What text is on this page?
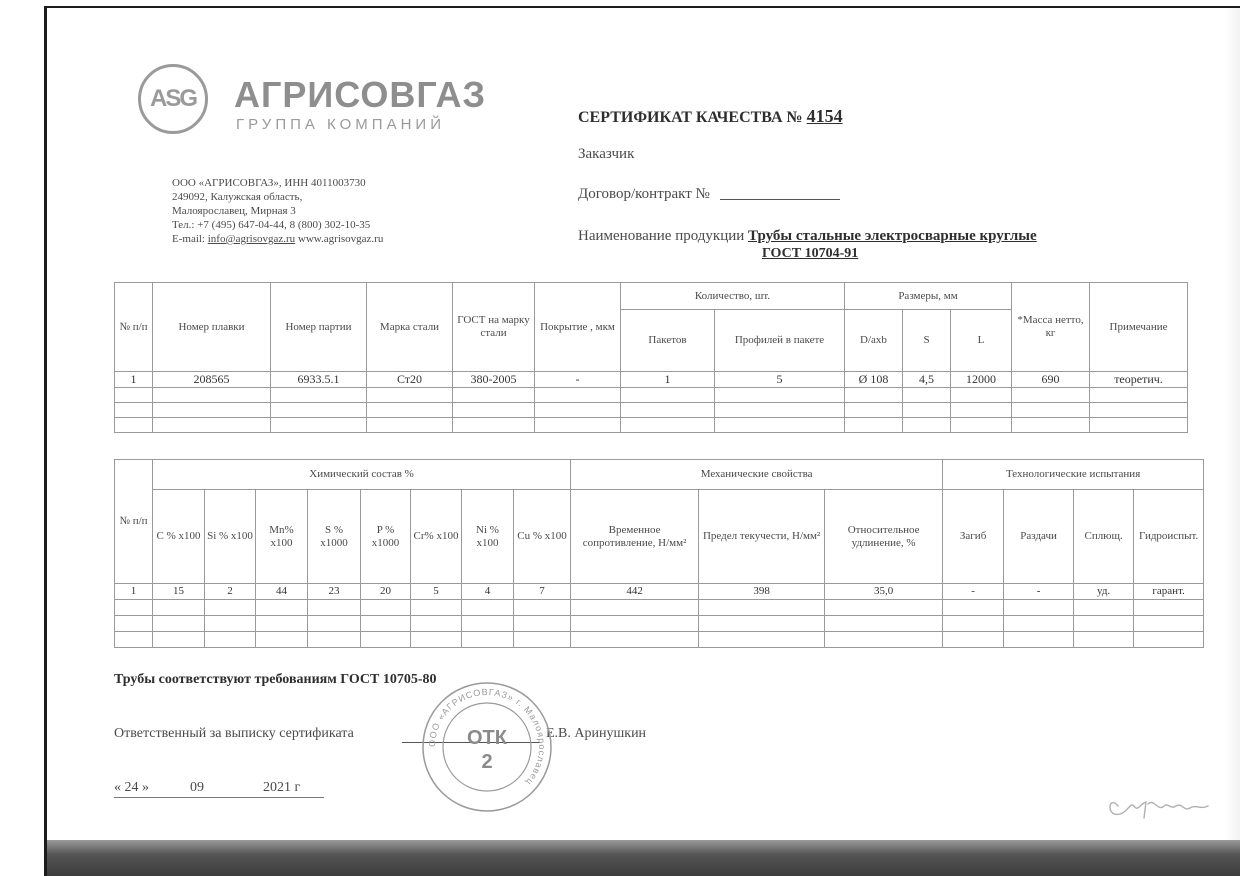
ASG	АГРИСОВГАЗ
ГРУППА КОМПАНИЙ
ООО «АГРИСОВГАЗ», ИНН 4011003730
249092, Калужская область,
Малоярославец, Мирная 3
Тел.: +7 (495) 647-04-44, 8 (800) 302-10-35
E-mail: info@agrisovgaz.ru www.agrisovgaz.ru
СЕРТИФИКАТ КАЧЕСТВА № 4154
Заказчик
Договор/контракт №
Наименование продукции Трубы стальные электросварные круглые
ГОСТ 10704-91
№ п/п	Номер плавки	Номер партии	Марка стали	ГОСТ на марку стали	Покрытие , мкм	Количество, шт.		Размеры, мм			*Масса нетто, кг	Примечание
						Пакетов	Профилей в пакете	D/axb	S	L		
1	208565	6933.5.1	Ст20	380-2005	-	1	5	Ø 108	4,5	12000	690	теоретич.

№ п/п	Химический состав %								Механические свойства			Технологические испытания			
	С % x100	Si % x100	Mn% x100	S % x1000	P % x1000	Cr% x100	Ni % x100	Cu % x100	Временное сопротивление, Н/мм²	Предел текучести, Н/мм²	Относительное удлинение, %	Загиб	Раздачи	Сплющ.	Гидроиспыт.
1	15	2	44	23	20	5	4	7	442	398	35,0	-	-	уд.	гарант.

Трубы соответствуют требованиям ГОСТ 10705-80
Ответственный за выписку сертификата	Е.В. Аринушкин
« 24 »	09	2021 г
ООО «АГРИСОВГАЗ» г. Малоярославец
ОТК
2
